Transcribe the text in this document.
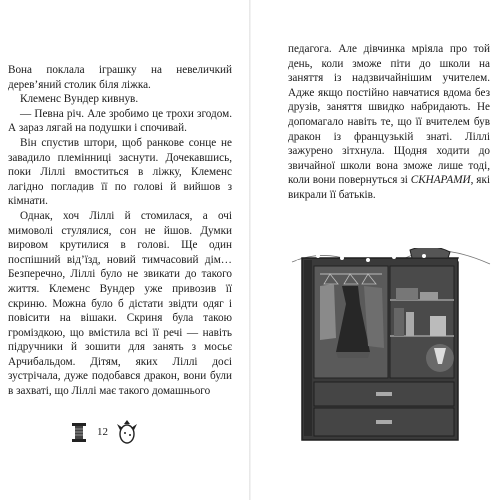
Вона поклала іграшку на невеличкий дерев’яний столик біля ліжка.

Клеменс Вундер кивнув.

— Певна річ. Але зробимо це трохи згодом. А зараз лягай на подушки і спочивай.

Він спустив штори, щоб ранкове сонце не завадило племінниці заснути. Дочекавшись, поки Ліллі вмоститься в ліжку, Клеменс лагідно погладив її по голові й вийшов з кімнати.

Однак, хоч Ліллі й стомилася, а очі мимоволі стулялися, сон не йшов. Думки вировом крутилися в голові. Ще один поспішний від’їзд, новий тимчасовий дім… Безперечно, Ліллі було не звикати до такого життя. Клеменс Вундер уже привозив її скриню. Можна було б дістати звідти одяг і повісити на вішаки. Скриня була такою громіздкою, що вмістила всі її речі — навіть підручники й зошити для занять з мосьє Арчибальдом. Дітям, яких Ліллі досі зустрічала, дуже подобався дракон, вони були в захваті, що Ліллі має такого домашнього

12

педагога. Але дівчинка мріяла про той день, коли зможе піти до школи на заняття із надзвичайнішим учителем. Адже якщо постійно навчатися вдома без друзів, заняття швидко набридають. Не допомагало навіть те, що її вчителем був дракон із французькій знаті. Ліллі зажурено зітхнула. Щодня ходити до звичайної школи вона зможе лише тоді, коли вони повернуться зі СКНАРАМИ, які викрали її батьків.
